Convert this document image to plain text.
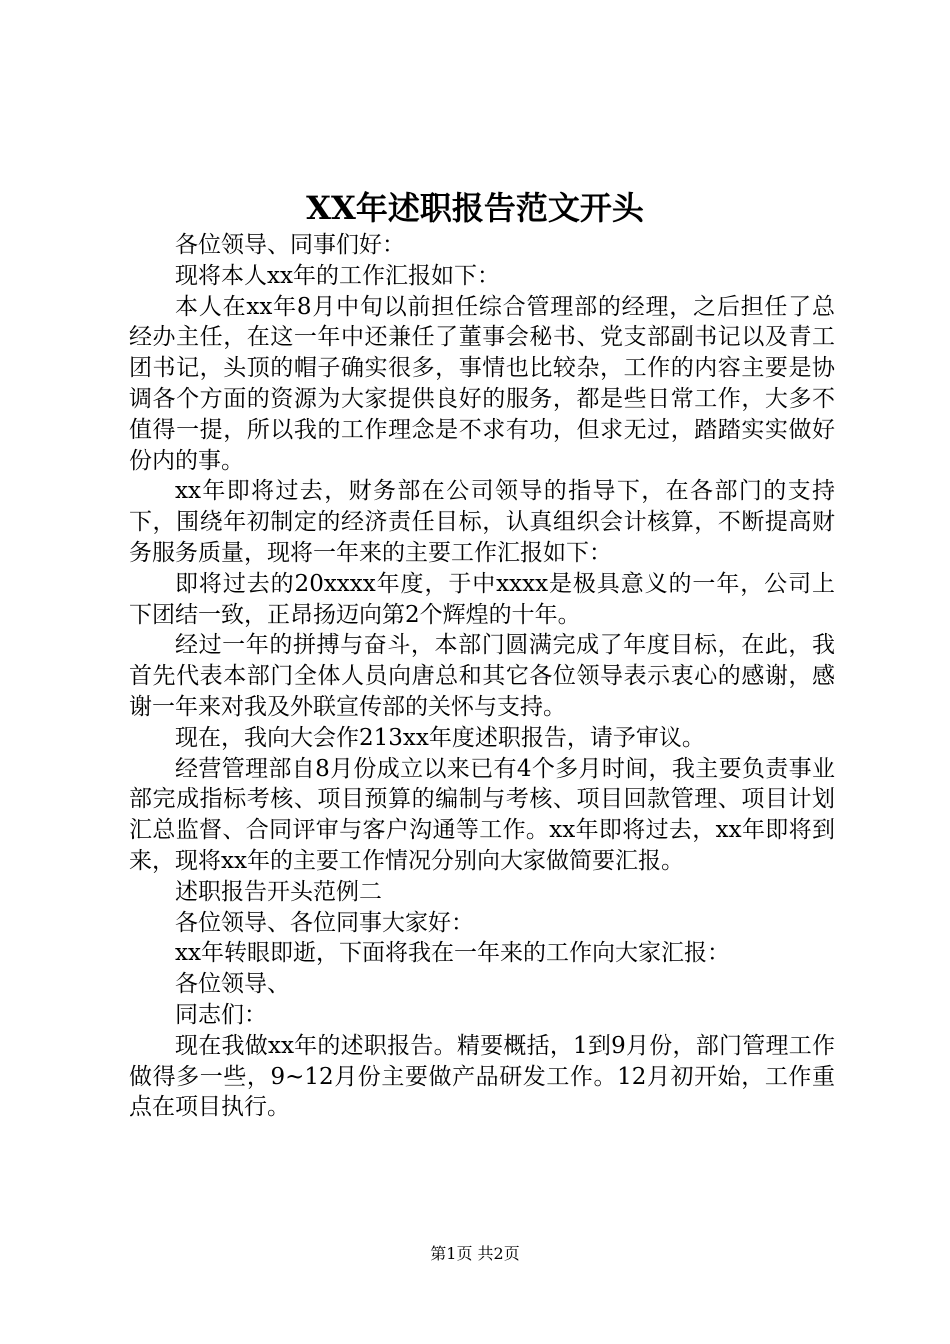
XX年述职报告范文开头

各位领导、同事们好：

现将本人xx年的工作汇报如下：

本人在xx年8月中旬以前担任综合管理部的经理，之后担任了总经办主任，在这一年中还兼任了董事会秘书、党支部副书记以及青工团书记，头顶的帽子确实很多，事情也比较杂，工作的内容主要是协调各个方面的资源为大家提供良好的服务，都是些日常工作，大多不值得一提，所以我的工作理念是不求有功，但求无过，踏踏实实做好份内的事。

xx年即将过去，财务部在公司领导的指导下，在各部门的支持下，围绕年初制定的经济责任目标，认真组织会计核算，不断提高财务服务质量，现将一年来的主要工作汇报如下：

即将过去的20xxxx年度，于中xxxx是极具意义的一年，公司上下团结一致，正昂扬迈向第2个辉煌的十年。

经过一年的拼搏与奋斗，本部门圆满完成了年度目标，在此，我首先代表本部门全体人员向唐总和其它各位领导表示衷心的感谢，感谢一年来对我及外联宣传部的关怀与支持。

现在，我向大会作213xx年度述职报告，请予审议。

经营管理部自8月份成立以来已有4个多月时间，我主要负责事业部完成指标考核、项目预算的编制与考核、项目回款管理、项目计划汇总监督、合同评审与客户沟通等工作。xx年即将过去，xx年即将到来，现将xx年的主要工作情况分别向大家做简要汇报。

述职报告开头范例二

各位领导、各位同事大家好：

xx年转眼即逝，下面将我在一年来的工作向大家汇报：

各位领导、

同志们：

现在我做xx年的述职报告。精要概括，1到9月份，部门管理工作做得多一些，9~12月份主要做产品研发工作。12月初开始，工作重点在项目执行。

第1页 共2页
